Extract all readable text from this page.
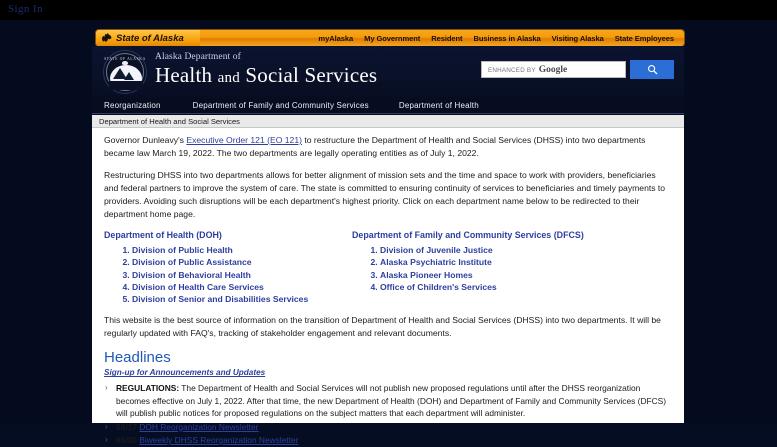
Sign In
State of Alaska	myAlaska My Government Resident Business in Alaska Visiting Alaska State Employees
STATE OF ALASKA Alaska Department of
Health and Social Services	ENHANCED BY Google
Reorganization	Department of Family and Community Services	Department of Health
Department of Health and Social Services

Governor Dunleavy's Executive Order 121 (EO 121) to restructure the Department of Health and Social Services (DHSS) into two departments became law March 19, 2022. The two departments are legally operating entities as of July 1, 2022.

Restructuring DHSS into two departments allows for better alignment of mission sets and the time and space to work with providers, beneficiaries and federal partners to improve the system of care. The state is committed to ensuring continuity of services to beneficiaries and timely payments to providers. Avoiding such disruptions will be each department's highest priority. Click on each department name below to be redirected to their department home page.

Department of Health (DOH)
1. Division of Public Health
2. Division of Public Assistance
3. Division of Behavioral Health
4. Division of Health Care Services
5. Division of Senior and Disabilities Services
Department of Family and Community Services (DFCS)
1. Division of Juvenile Justice
2. Alaska Psychiatric Institute
3. Alaska Pioneer Homes
4. Office of Children's Services

This website is the best source of information on the transition of Department of Health and Social Services (DHSS) into two departments. It will be regularly updated with FAQ's, tracking of stakeholder engagement and relevant documents.

Headlines
Sign-up for Announcements and Updates
› REGULATIONS: The Department of Health and Social Services will not publish new proposed regulations until after the DHSS reorganization becomes effective on July 1, 2022. After that time, the new Department of Health (DOH) and Department of Family and Community Services (DFCS) will publish public notices for proposed regulations on the subject matters that each department will administer.
› 08/17 DOH Reorganization Newsletter
› 06/30 Biweekly DHSS Reorganization Newsletter
